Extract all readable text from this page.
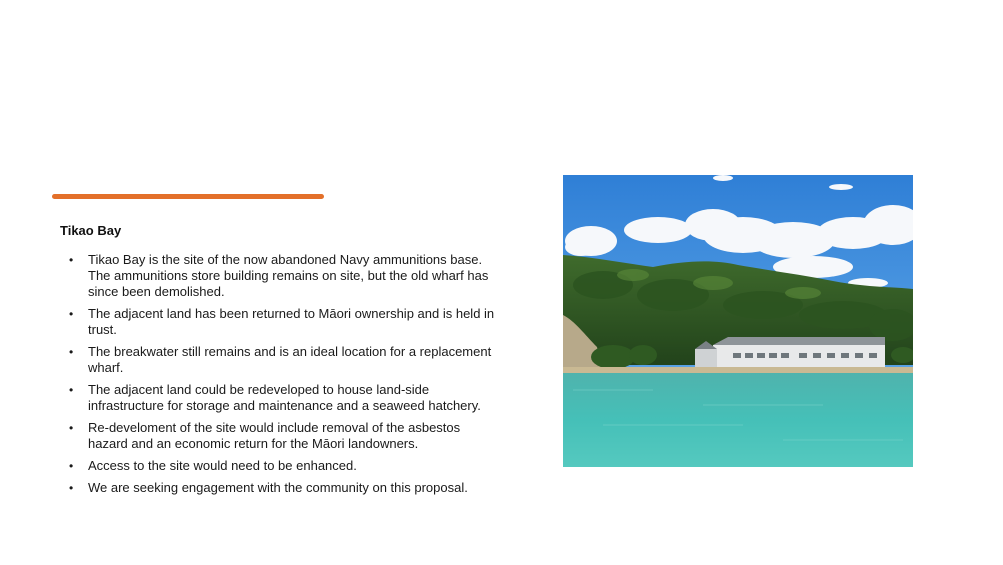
Tikao Bay
• Tikao Bay is the site of the now abandoned Navy ammunitions base. The ammunitions store building remains on site, but the old wharf has since been demolished.
• The adjacent land has been returned to Māori ownership and is held in trust.
• The breakwater still remains and is an ideal location for a replacement wharf.
• The adjacent land could be redeveloped to house land-side infrastructure for storage and maintenance and a seaweed hatchery.
• Re-develoment of the site would include removal of the asbestos hazard and an economic return for the Māori landowners.
• Access to the site would need to be enhanced.
• We are seeking engagement with the community on this proposal.
